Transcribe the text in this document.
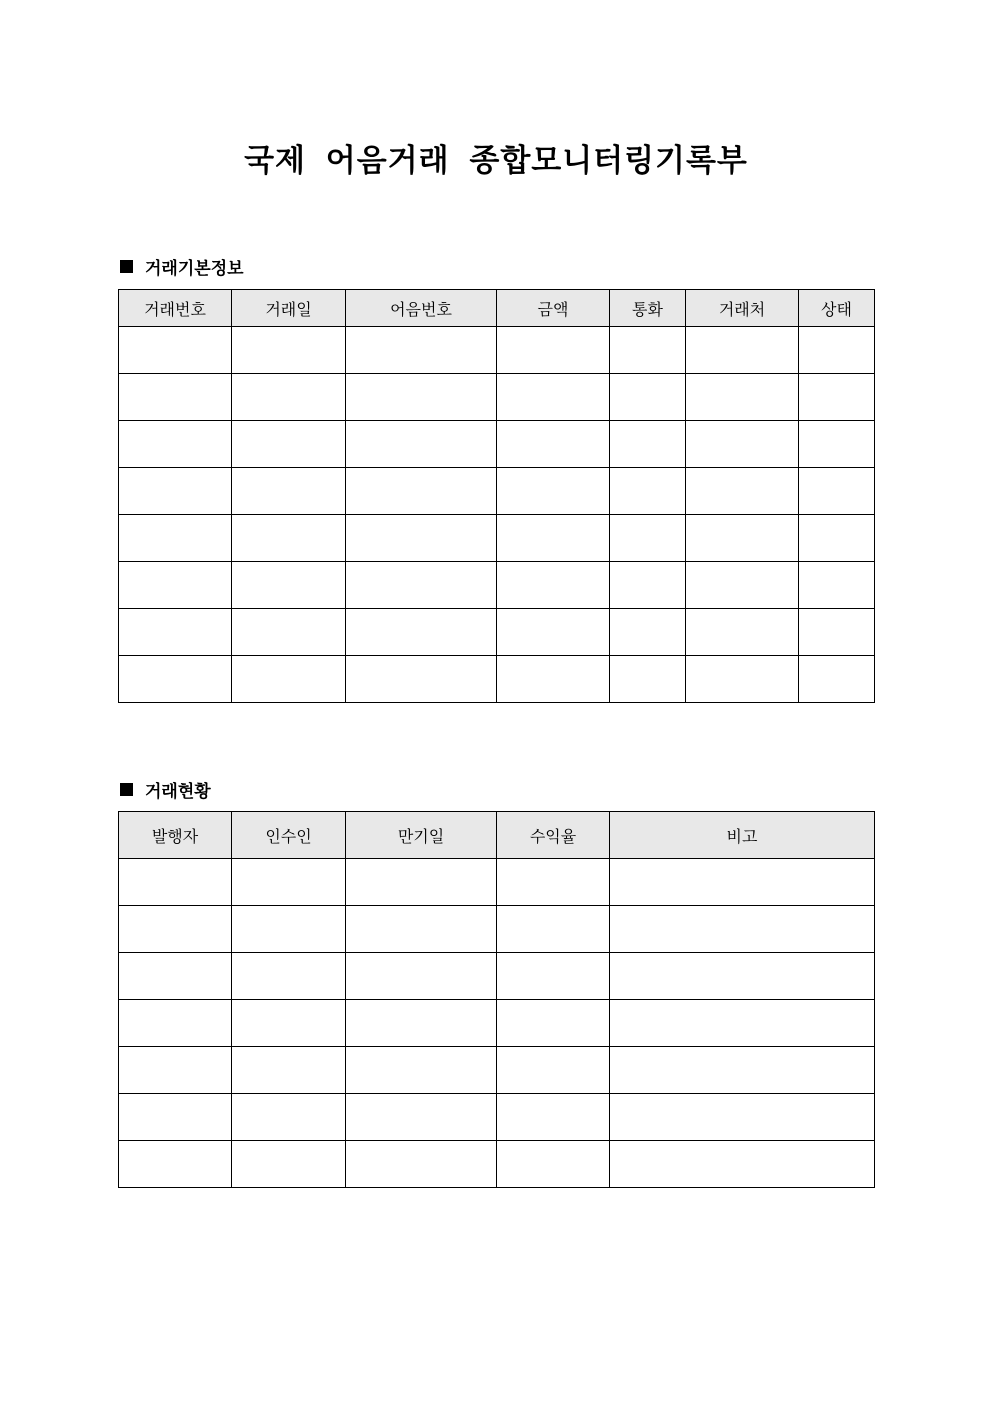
국제 어음거래 종합모니터링기록부
거래기본정보
거래번호	거래일	어음번호	금액	통화	거래처	상태

거래현황
발행자	인수인	만기일	수익율	비고
